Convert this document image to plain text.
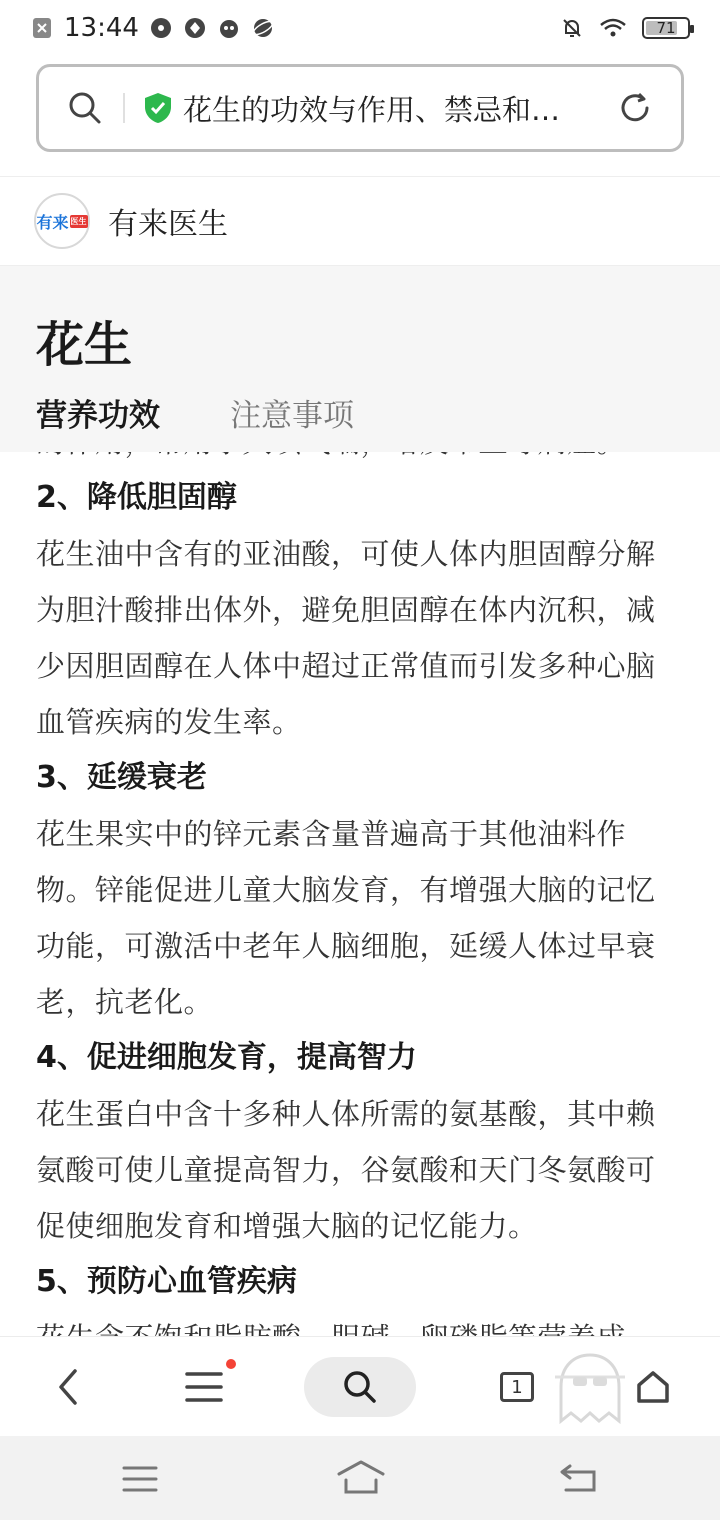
13:44	71
花生的功效与作用、禁忌和…
有来 医生 有来医生
花生
营养功效 注意事项
2、降低胆固醇
花生油中含有的亚油酸，可使人体内胆固醇分解为胆汁酸排出体外，避免胆固醇在体内沉积，减少因胆固醇在人体中超过正常值而引发多种心脑血管疾病的发生率。
3、延缓衰老
花生果实中的锌元素含量普遍高于其他油料作物。锌能促进儿童大脑发育，有增强大脑的记忆功能，可激活中老年人脑细胞，延缓人体过早衰老，抗老化。
4、促进细胞发育，提高智力
花生蛋白中含十多种人体所需的氨基酸，其中赖氨酸可使儿童提高智力，谷氨酸和天门冬氨酸可促使细胞发育和增强大脑的记忆能力。
5、预防心血管疾病
1
